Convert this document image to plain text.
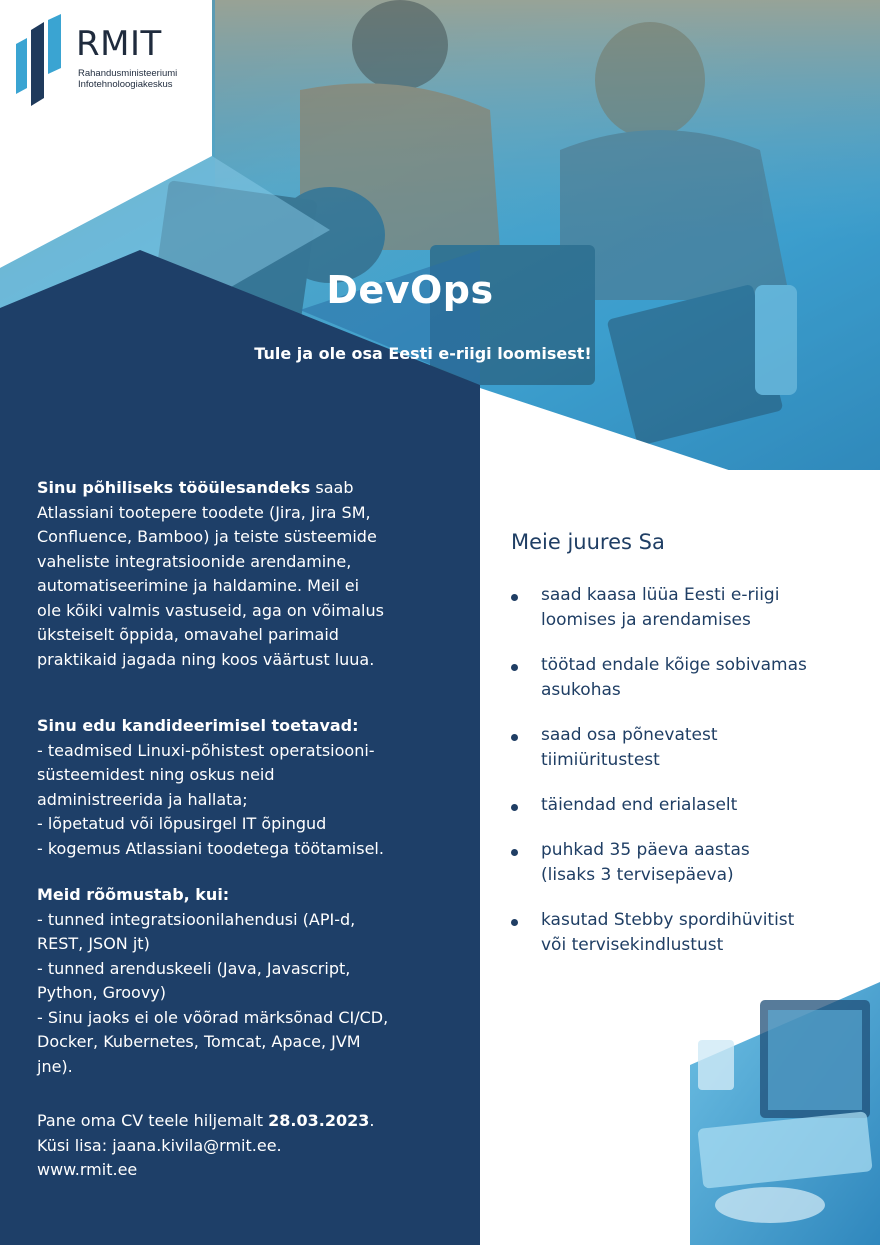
RMIT
Rahandusministeeriumi
Infotehnoloogiakeskus
DevOps
Tule ja ole osa Eesti e-riigi loomisest!

Sinu põhiliseks tööülesandeks saab
Atlassiani tootepere toodete (Jira, Jira SM,
Confluence, Bamboo) ja teiste süsteemide
vaheliste integratsioonide arendamine,
automatiseerimine ja haldamine. Meil ei
ole kõiki valmis vastuseid, aga on võimalus
üksteiselt õppida, omavahel parimaid
praktikaid jagada ning koos väärtust luua.

Sinu edu kandideerimisel toetavad:
- teadmised Linuxi-põhistest operatsiooni-
süsteemidest ning oskus neid
administreerida ja hallata;
- lõpetatud või lõpusirgel IT õpingud
- kogemus Atlassiani toodetega töötamisel.

Meid rõõmustab, kui:
- tunned integratsioonilahendusi (API-d,
REST, JSON jt)
- tunned arenduskeeli (Java, Javascript,
Python, Groovy)
- Sinu jaoks ei ole võõrad märksõnad CI/CD,
Docker, Kubernetes, Tomcat, Apace, JVM
jne).

Pane oma CV teele hiljemalt 28.03.2023.
Küsi lisa: jaana.kivila@rmit.ee.
www.rmit.ee

Meie juures Sa
saad kaasa lüüa Eesti e-riigi
loomises ja arendamises
töötad endale kõige sobivamas
asukohas
saad osa põnevatest
tiimiüritustest
täiendad end erialaselt
puhkad 35 päeva aastas
(lisaks 3 tervisepäeva)
kasutad Stebby spordihüvitist
või tervisekindlustust
